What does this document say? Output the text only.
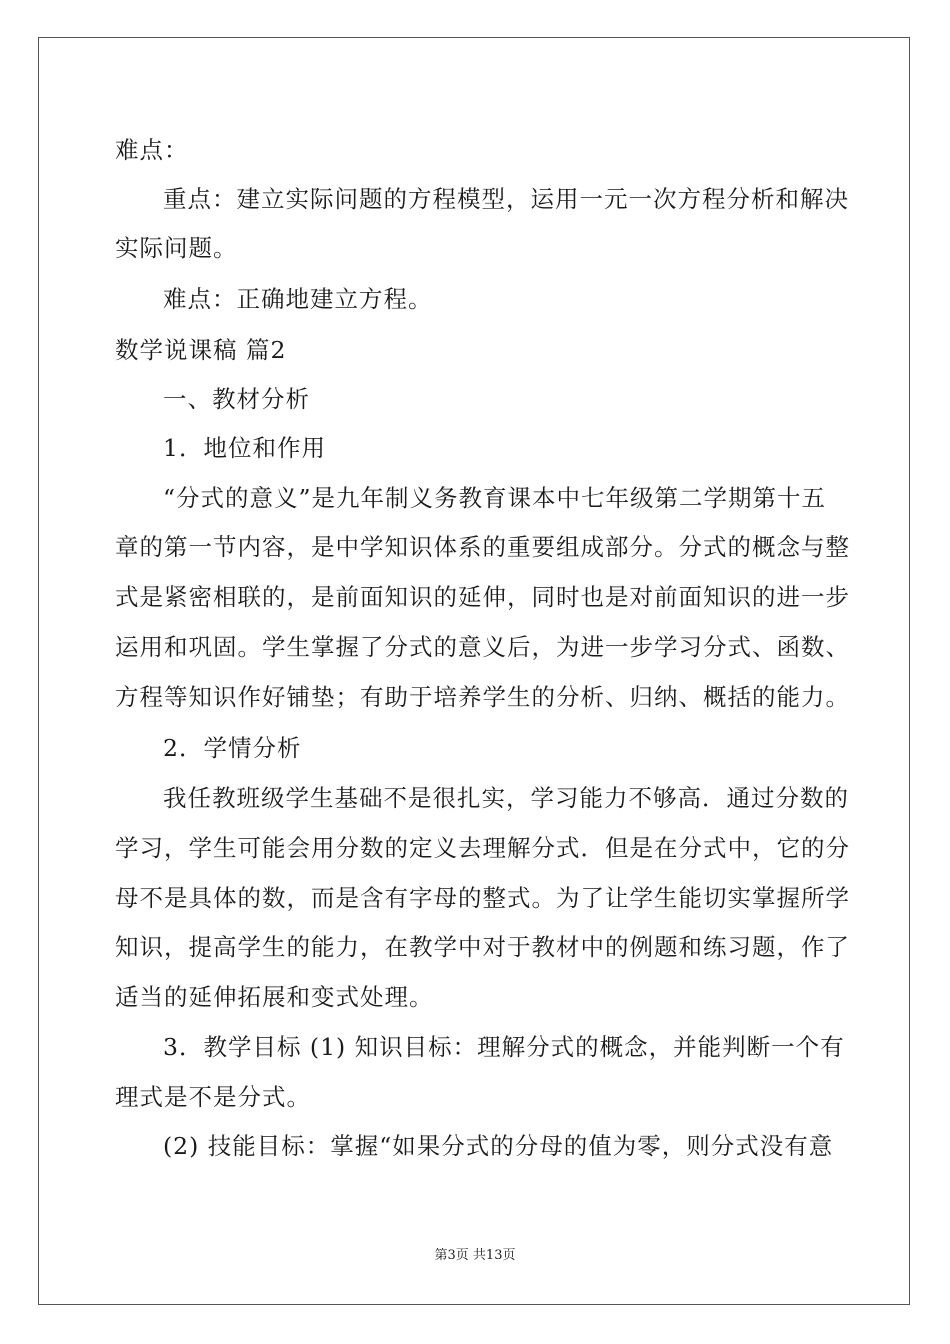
难点：
重点：建立实际问题的方程模型，运用一元一次方程分析和解决
实际问题。
难点：正确地建立方程。
数学说课稿 篇2
一、教材分析
1．地位和作用
“分式的意义”是九年制义务教育课本中七年级第二学期第十五
章的第一节内容，是中学知识体系的重要组成部分。分式的概念与整
式是紧密相联的，是前面知识的延伸，同时也是对前面知识的进一步
运用和巩固。学生掌握了分式的意义后，为进一步学习分式、函数、
方程等知识作好铺垫；有助于培养学生的分析、归纳、概括的能力。
2．学情分析
我任教班级学生基础不是很扎实，学习能力不够高．通过分数的
学习，学生可能会用分数的定义去理解分式．但是在分式中，它的分
母不是具体的数，而是含有字母的整式。为了让学生能切实掌握所学
知识，提高学生的能力，在教学中对于教材中的例题和练习题，作了
适当的延伸拓展和变式处理。
3．教学目标 (1) 知识目标：理解分式的概念，并能判断一个有
理式是不是分式。
(2) 技能目标：掌握“如果分式的分母的值为零，则分式没有意
第3页 共13页
